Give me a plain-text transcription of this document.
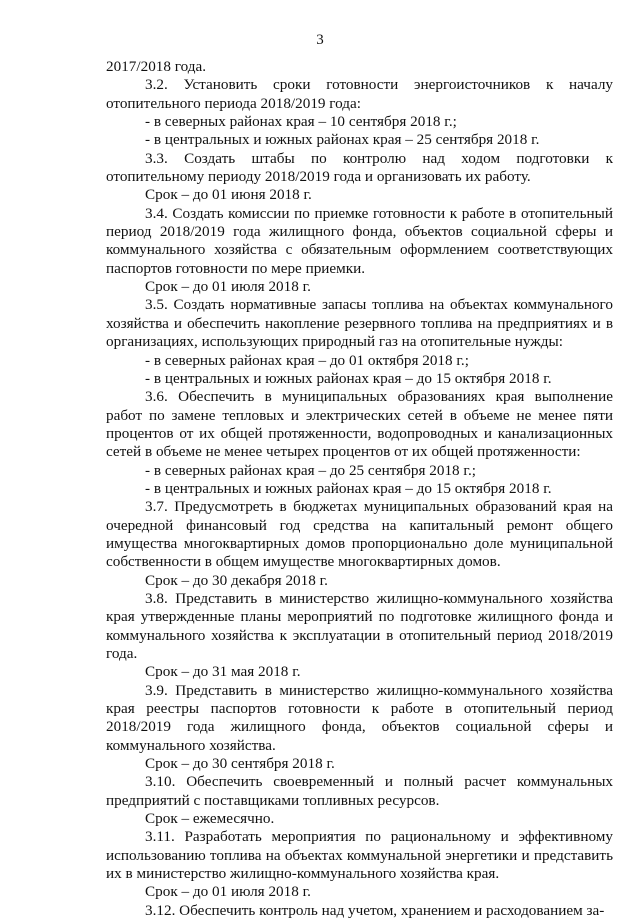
3

2017/2018 года.

3.2. Установить сроки готовности энергоисточников к началу отопительного периода 2018/2019 года:

- в северных районах края – 10 сентября 2018 г.;

- в центральных и южных районах края – 25 сентября 2018 г.

3.3. Создать штабы по контролю над ходом подготовки к отопительному периоду 2018/2019 года и организовать их работу.

Срок – до 01 июня 2018 г.

3.4. Создать комиссии по приемке готовности к работе в отопительный период 2018/2019 года жилищного фонда, объектов социальной сферы и коммунального хозяйства с обязательным оформлением соответствующих паспортов готовности по мере приемки.

Срок – до 01 июля 2018 г.

3.5. Создать нормативные запасы топлива на объектах коммунального хозяйства и обеспечить накопление резервного топлива на предприятиях и в организациях, использующих природный газ на отопительные нужды:

- в северных районах края – до 01 октября 2018 г.;

- в центральных и южных районах края – до 15 октября 2018 г.

3.6. Обеспечить в муниципальных образованиях края выполнение работ по замене тепловых и электрических сетей в объеме не менее пяти процентов от их общей протяженности, водопроводных и канализационных сетей в объеме не менее четырех процентов от их общей протяженности:

- в северных районах края – до 25 сентября 2018 г.;

- в центральных и южных районах края – до 15 октября 2018 г.

3.7. Предусмотреть в бюджетах муниципальных образований края на очередной финансовый год средства на капитальный ремонт общего имущества многоквартирных домов пропорционально доле муниципальной собственности в общем имуществе многоквартирных домов.

Срок – до 30 декабря 2018 г.

3.8. Представить в министерство жилищно-коммунального хозяйства края утвержденные планы мероприятий по подготовке жилищного фонда и коммунального хозяйства к эксплуатации в отопительный период 2018/2019 года.

Срок – до 31 мая 2018 г.

3.9. Представить в министерство жилищно-коммунального хозяйства края реестры паспортов готовности к работе в отопительный период 2018/2019 года жилищного фонда, объектов социальной сферы и коммунального хозяйства.

Срок – до 30 сентября 2018 г.

3.10. Обеспечить своевременный и полный расчет коммунальных предприятий с поставщиками топливных ресурсов.

Срок – ежемесячно.

3.11. Разработать мероприятия по рациональному и эффективному использованию топлива на объектах коммунальной энергетики и представить их в министерство жилищно-коммунального хозяйства края.

Срок – до 01 июля 2018 г.

3.12. Обеспечить контроль над учетом, хранением и расходованием за-
